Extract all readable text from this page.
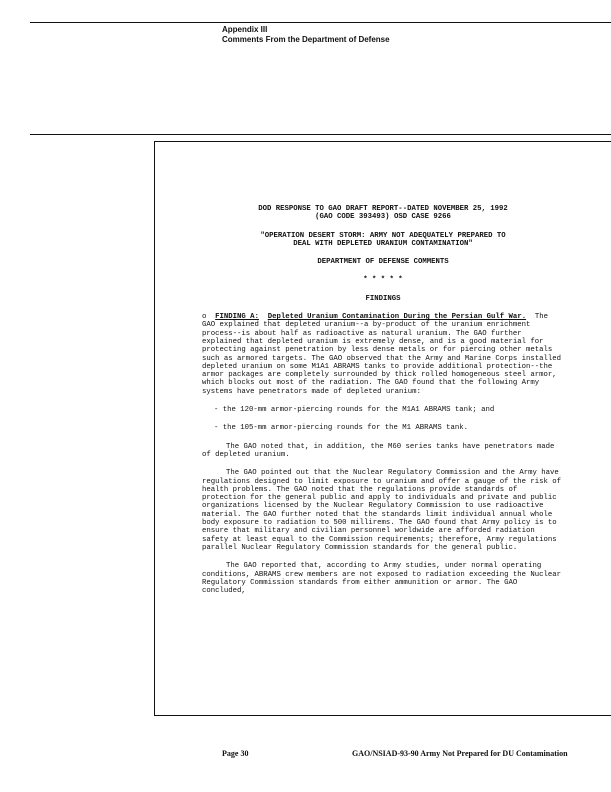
Appendix III
Comments From the Department of Defense

DOD RESPONSE TO GAO DRAFT REPORT--DATED NOVEMBER 25, 1992

(GAO CODE 393493) OSD CASE 9266

"OPERATION DESERT STORM: ARMY NOT ADEQUATELY PREPARED TO

DEAL WITH DEPLETED URANIUM CONTAMINATION"

DEPARTMENT OF DEFENSE COMMENTS

* * * * *

FINDINGS

o FINDING A: Depleted Uranium Contamination During the Persian Gulf War. The GAO explained that depleted uranium--a by-product of the uranium enrichment process--is about half as radioactive as natural uranium. The GAO further explained that depleted uranium is extremely dense, and is a good material for protecting against penetration by less dense metals or for piercing other metals such as armored targets. The GAO observed that the Army and Marine Corps installed depleted uranium on some M1A1 ABRAMS tanks to provide additional protection--the armor packages are completely surrounded by thick rolled homogeneous steel armor, which blocks out most of the radiation. The GAO found that the following Army systems have penetrators made of depleted uranium:

- the 120-mm armor-piercing rounds for the M1A1 ABRAMS tank; and

- the 105-mm armor-piercing rounds for the M1 ABRAMS tank.

The GAO noted that, in addition, the M60 series tanks have penetrators made of depleted uranium.

The GAO pointed out that the Nuclear Regulatory Commission and the Army have regulations designed to limit exposure to uranium and offer a gauge of the risk of health problems. The GAO noted that the regulations provide standards of protection for the general public and apply to individuals and private and public organizations licensed by the Nuclear Regulatory Commission to use radioactive material. The GAO further noted that the standards limit individual annual whole body exposure to radiation to 500 millirems. The GAO found that Army policy is to ensure that military and civilian personnel worldwide are afforded radiation safety at least equal to the Commission requirements; therefore, Army regulations parallel Nuclear Regulatory Commission standards for the general public.

The GAO reported that, according to Army studies, under normal operating conditions, ABRAMS crew members are not exposed to radiation exceeding the Nuclear Regulatory Commission standards from either ammunition or armor. The GAO concluded,

Page 30	GAO/NSIAD-93-90 Army Not Prepared for DU Contamination
